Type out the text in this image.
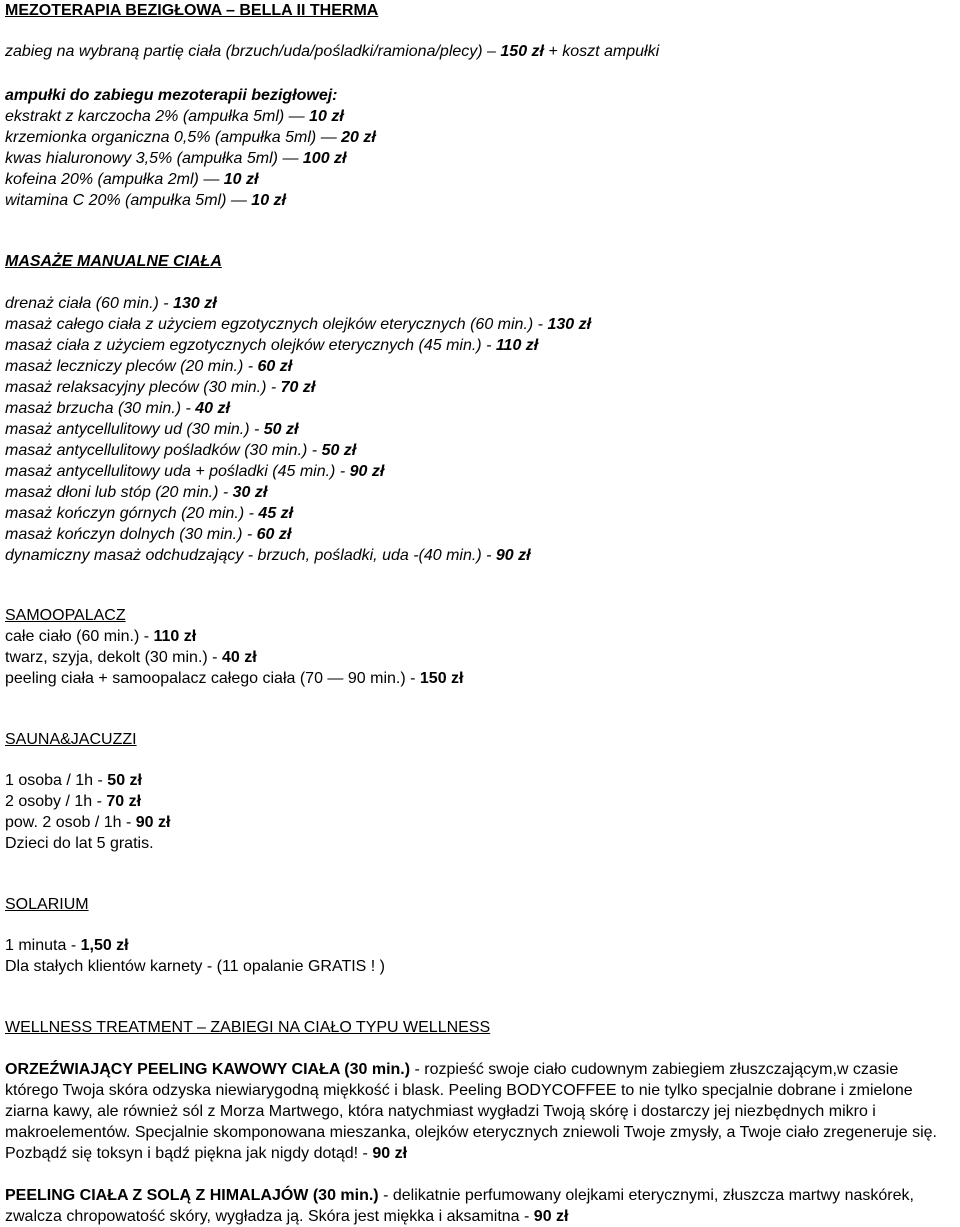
MEZOTERAPIA BEZIGŁOWA – BELLA II THERMA
zabieg na wybraną partię ciała (brzuch/uda/pośladki/ramiona/plecy) – 150 zł + koszt ampułki
ampułki do zabiegu mezoterapii bezigłowej:
ekstrakt z karczocha 2% (ampułka 5ml) — 10 zł
krzemionka organiczna 0,5% (ampułka 5ml) — 20 zł
kwas hialuronowy 3,5% (ampułka 5ml) — 100 zł
kofeina 20% (ampułka 2ml) — 10 zł
witamina C 20% (ampułka 5ml) — 10 zł
MASAŻE MANUALNE CIAŁA
drenaż ciała (60 min.) - 130 zł
masaż całego ciała z użyciem egzotycznych olejków eterycznych (60 min.) - 130 zł
masaż ciała z użyciem egzotycznych olejków eterycznych (45 min.) - 110 zł
masaż leczniczy pleców (20 min.) - 60 zł
masaż relaksacyjny pleców (30 min.) - 70 zł
masaż brzucha (30 min.) - 40 zł
masaż antycellulitowy ud (30 min.) - 50 zł
masaż antycellulitowy pośladków (30 min.) - 50 zł
masaż antycellulitowy uda + pośladki (45 min.) - 90 zł
masaż dłoni lub stóp (20 min.) - 30 zł
masaż kończyn górnych (20 min.) - 45 zł
masaż kończyn dolnych (30 min.) - 60 zł
dynamiczny masaż odchudzający - brzuch, pośladki, uda -(40 min.) - 90 zł
SAMOOPALACZ
całe ciało (60 min.) - 110 zł
twarz, szyja, dekolt (30 min.) - 40 zł
peeling ciała + samoopalacz całego ciała (70 — 90 min.) - 150 zł
SAUNA&JACUZZI
1 osoba / 1h - 50 zł
2 osoby / 1h - 70 zł
pow. 2 osob / 1h - 90 zł
Dzieci do lat 5 gratis.
SOLARIUM
1 minuta - 1,50 zł
Dla stałych klientów karnety - (11 opalanie GRATIS ! )
WELLNESS TREATMENT – ZABIEGI NA CIAŁO TYPU WELLNESS
ORZEŹWIAJĄCY PEELING KAWOWY CIAŁA (30 min.) - rozpieść swoje ciało cudownym zabiegiem złuszczającym,w czasie którego Twoja skóra odzyska niewiarygodną miękkość i blask. Peeling BODYCOFFEE to nie tylko specjalnie dobrane i zmielone ziarna kawy, ale również sól z Morza Martwego, która natychmiast wygładzi Twoją skórę i dostarczy jej niezbędnych mikro i makroelementów. Specjalnie skomponowana mieszanka, olejków eterycznych zniewoli Twoje zmysły, a Twoje ciało zregeneruje się. Pozbądź się toksyn i bądź piękna jak nigdy dotąd! - 90 zł
PEELING CIAŁA Z SOLĄ Z HIMALAJÓW (30 min.) - delikatnie perfumowany olejkami eterycznymi, złuszcza martwy naskórek, zwalcza chropowatość skóry, wygładza ją. Skóra jest miękka i aksamitna - 90 zł
